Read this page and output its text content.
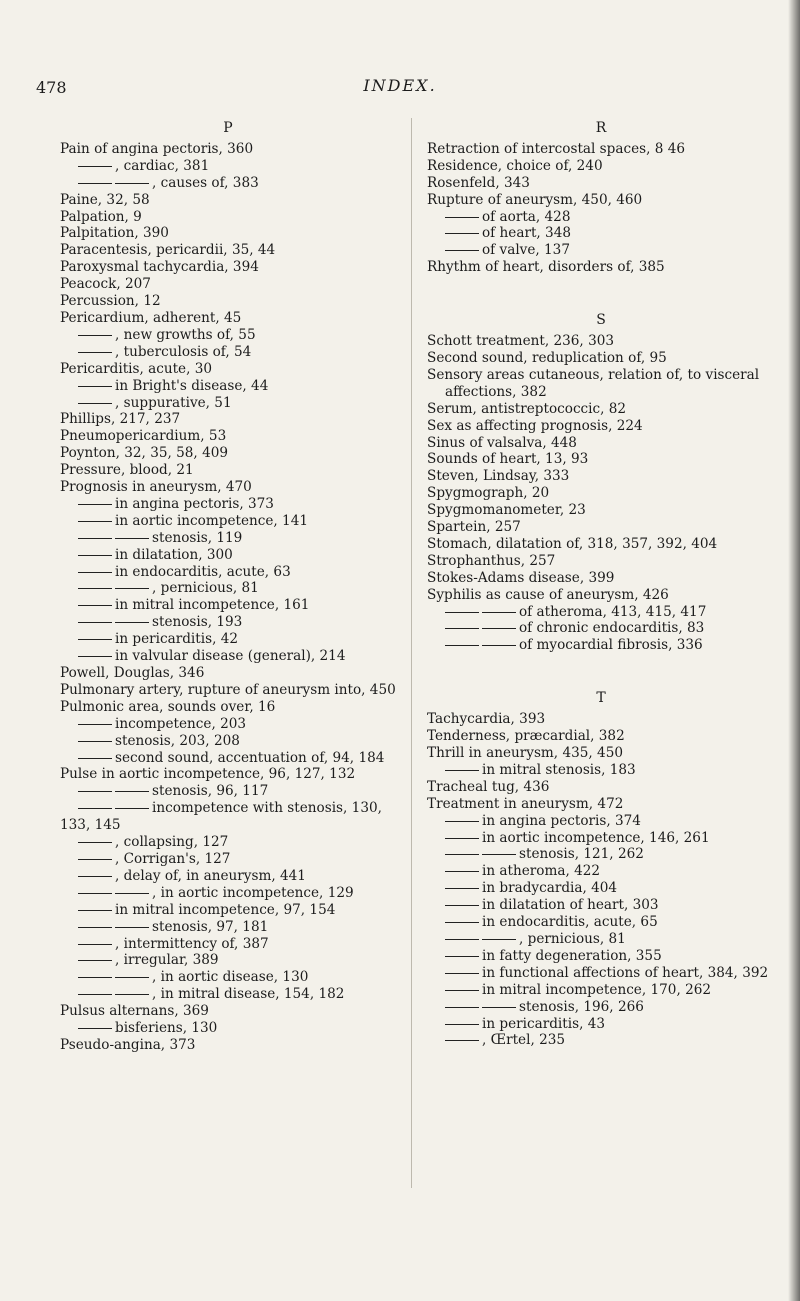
478	INDEX.
P
Pain of angina pectoris, 360
, cardiac, 381
, causes of, 383
Paine, 32, 58
Palpation, 9
Palpitation, 390
Paracentesis, pericardii, 35, 44
Paroxysmal tachycardia, 394
Peacock, 207
Percussion, 12
Pericardium, adherent, 45
, new growths of, 55
, tuberculosis of, 54
Pericarditis, acute, 30
in Bright's disease, 44
, suppurative, 51
Phillips, 217, 237
Pneumopericardium, 53
Poynton, 32, 35, 58, 409
Pressure, blood, 21
Prognosis in aneurysm, 470
in angina pectoris, 373
in aortic incompetence, 141
stenosis, 119
in dilatation, 300
in endocarditis, acute, 63
, pernicious, 81
in mitral incompetence, 161
stenosis, 193
in pericarditis, 42
in valvular disease (general), 214
Powell, Douglas, 346
Pulmonary artery, rupture of aneurysm into, 450
Pulmonic area, sounds over, 16
incompetence, 203
stenosis, 203, 208
second sound, accentuation of, 94, 184
Pulse in aortic incompetence, 96, 127, 132
stenosis, 96, 117
incompetence with stenosis, 130, 133, 145
, collapsing, 127
, Corrigan's, 127
, delay of, in aneurysm, 441
, in aortic incompetence, 129
in mitral incompetence, 97, 154
stenosis, 97, 181
, intermittency of, 387
, irregular, 389
, in aortic disease, 130
, in mitral disease, 154, 182
Pulsus alternans, 369
bisferiens, 130
Pseudo-angina, 373
R
Retraction of intercostal spaces, 8 46
Residence, choice of, 240
Rosenfeld, 343
Rupture of aneurysm, 450, 460
of aorta, 428
of heart, 348
of valve, 137
Rhythm of heart, disorders of, 385
S
Schott treatment, 236, 303
Second sound, reduplication of, 95
Sensory areas cutaneous, relation of, to visceral affections, 382
Serum, antistreptococcic, 82
Sex as affecting prognosis, 224
Sinus of valsalva, 448
Sounds of heart, 13, 93
Steven, Lindsay, 333
Spygmograph, 20
Spygmomanometer, 23
Spartein, 257
Stomach, dilatation of, 318, 357, 392, 404
Strophanthus, 257
Stokes-Adams disease, 399
Syphilis as cause of aneurysm, 426
of atheroma, 413, 415, 417
of chronic endocarditis, 83
of myocardial fibrosis, 336
T
Tachycardia, 393
Tenderness, præcardial, 382
Thrill in aneurysm, 435, 450
in mitral stenosis, 183
Tracheal tug, 436
Treatment in aneurysm, 472
in angina pectoris, 374
in aortic incompetence, 146, 261
stenosis, 121, 262
in atheroma, 422
in bradycardia, 404
in dilatation of heart, 303
in endocarditis, acute, 65
, pernicious, 81
in fatty degeneration, 355
in functional affections of heart, 384, 392
in mitral incompetence, 170, 262
stenosis, 196, 266
in pericarditis, 43
, Œrtel, 235
